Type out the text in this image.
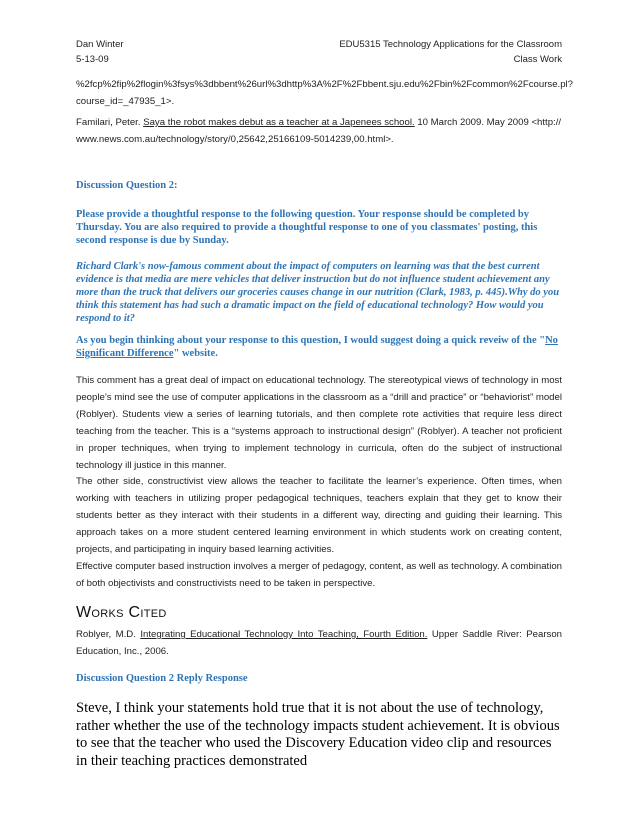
Dan Winter	EDU5315 Technology Applications for the Classroom
5-13-09	Class Work
%2fcp%2fip%2flogin%3fsys%3dbbent%26url%3dhttp%3A%2F%2Fbbent.sju.edu%2Fbin%2Fcommon%2Fcourse.pl?
course_id=_47935_1>.
Familari, Peter. Saya the robot makes debut as a teacher at a Japenees school. 10 March 2009. May 2009 <http://
www.news.com.au/technology/story/0,25642,25166109-5014239,00.html>.
Discussion Question 2:
Please provide a thoughtful response to the following question. Your response should be completed by Thursday. You are also required to provide a thoughtful response to one of you classmates' posting, this second response is due by Sunday.
Richard Clark's now-famous comment about the impact of computers on learning was that the best current evidence is that media are mere vehicles that deliver instruction but do not influence student achievement any more than the truck that delivers our groceries causes change in our nutrition (Clark, 1983, p. 445).Why do you think this statement has had such a dramatic impact on the field of educational technology? How would you respond to it?
As you begin thinking about your response to this question, I would suggest doing a quick reveiw of the "No Significant Difference" website.
This comment has a great deal of impact on educational technology. The stereotypical views of technology in most people’s mind see the use of computer applications in the classroom as a “drill and practice” or “behaviorist” model (Roblyer). Students view a series of learning tutorials, and then complete rote activities that require less direct teaching from the teacher. This is a “systems approach to instructional design” (Roblyer). A teacher not proficient in proper techniques, when trying to implement technology in curricula, often do the subject of instructional technology ill justice in this manner.
The other side, constructivist view allows the teacher to facilitate the learner’s experience. Often times, when working with teachers in utilizing proper pedagogical techniques, teachers explain that they get to know their students better as they interact with their students in a different way, directing and guiding their learning. This approach takes on a more student centered learning environment in which students work on creating content, projects, and participating in inquiry based learning activities.
Effective computer based instruction involves a merger of pedagogy, content, as well as technology. A combination of both objectivists and constructivists need to be taken in perspective.
Works Cited
Roblyer, M.D. Integrating Educational Technology Into Teaching, Fourth Edition. Upper Saddle River: Pearson Education, Inc., 2006.
Discussion Question 2 Reply Response
Steve, I think your statements hold true that it is not about the use of technology, rather whether the use of the technology impacts student achievement. It is obvious to see that the teacher who used the Discovery Education video clip and resources in their teaching practices demonstrated
